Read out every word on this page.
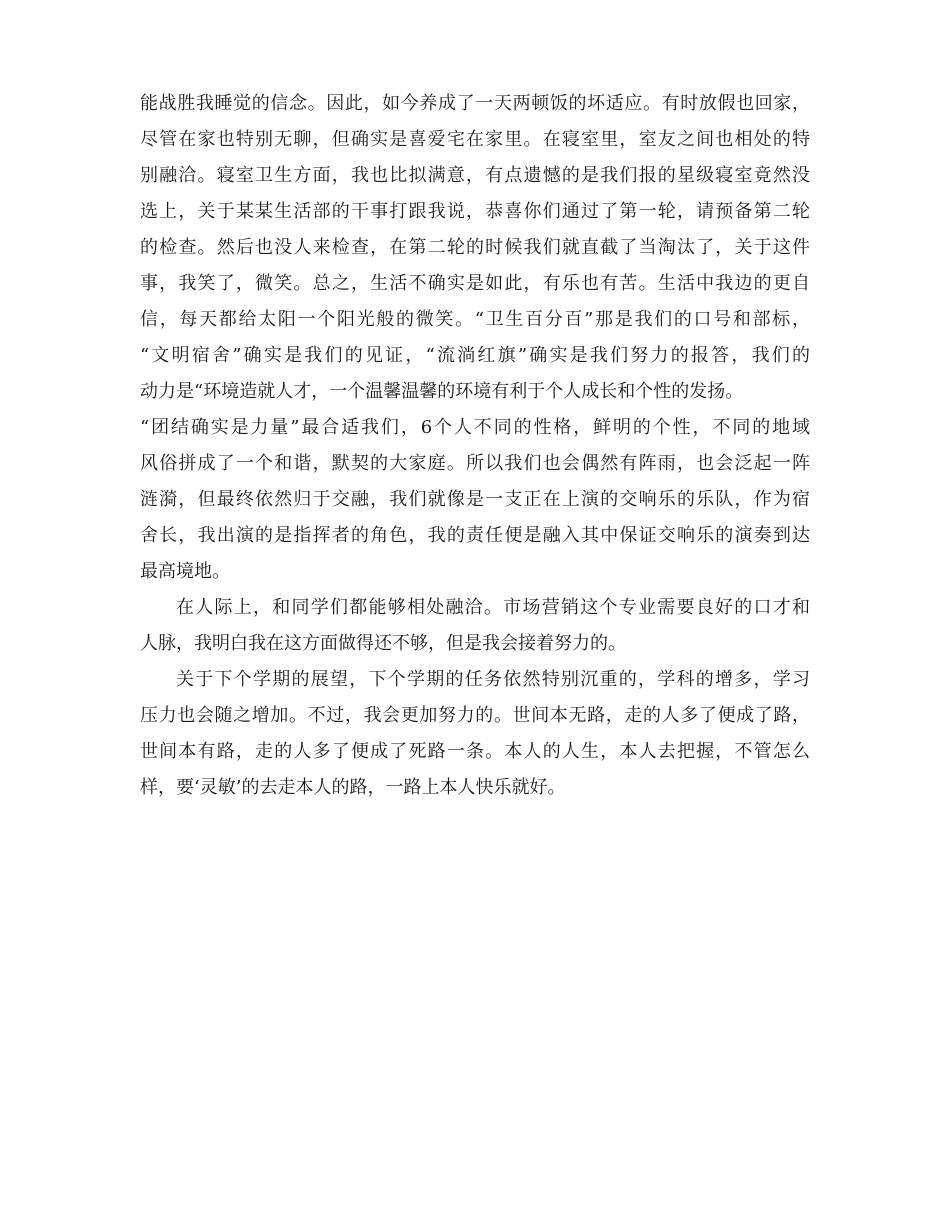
能战胜我睡觉的信念。因此，如今养成了一天两顿饭的坏适应。有时放假也回家，
尽管在家也特别无聊，但确实是喜爱宅在家里。在寝室里，室友之间也相处的特
别融洽。寝室卫生方面，我也比拟满意，有点遗憾的是我们报的星级寝室竟然没
选上，关于某某生活部的干事打跟我说，恭喜你们通过了第一轮，请预备第二轮
的检查。然后也没人来检查，在第二轮的时候我们就直截了当淘汰了，关于这件
事，我笑了，微笑。总之，生活不确实是如此，有乐也有苦。生活中我边的更自
信，每天都给太阳一个阳光般的微笑。“卫生百分百”那是我们的口号和部标，
“文明宿舍”确实是我们的见证，“流淌红旗”确实是我们努力的报答，我们的
动力是“环境造就人才，一个温馨温馨的环境有利于个人成长和个性的发扬。
“团结确实是力量”最合适我们，6个人不同的性格，鲜明的个性，不同的地域
风俗拼成了一个和谐，默契的大家庭。所以我们也会偶然有阵雨，也会泛起一阵
涟漪，但最终依然归于交融，我们就像是一支正在上演的交响乐的乐队，作为宿
舍长，我出演的是指挥者的角色，我的责任便是融入其中保证交响乐的演奏到达
最高境地。
在人际上，和同学们都能够相处融洽。市场营销这个专业需要良好的口才和
人脉，我明白我在这方面做得还不够，但是我会接着努力的。
关于下个学期的展望，下个学期的任务依然特别沉重的，学科的增多，学习
压力也会随之增加。不过，我会更加努力的。世间本无路，走的人多了便成了路，
世间本有路，走的人多了便成了死路一条。本人的人生，本人去把握，不管怎么
样，要‘灵敏’的去走本人的路，一路上本人快乐就好。
